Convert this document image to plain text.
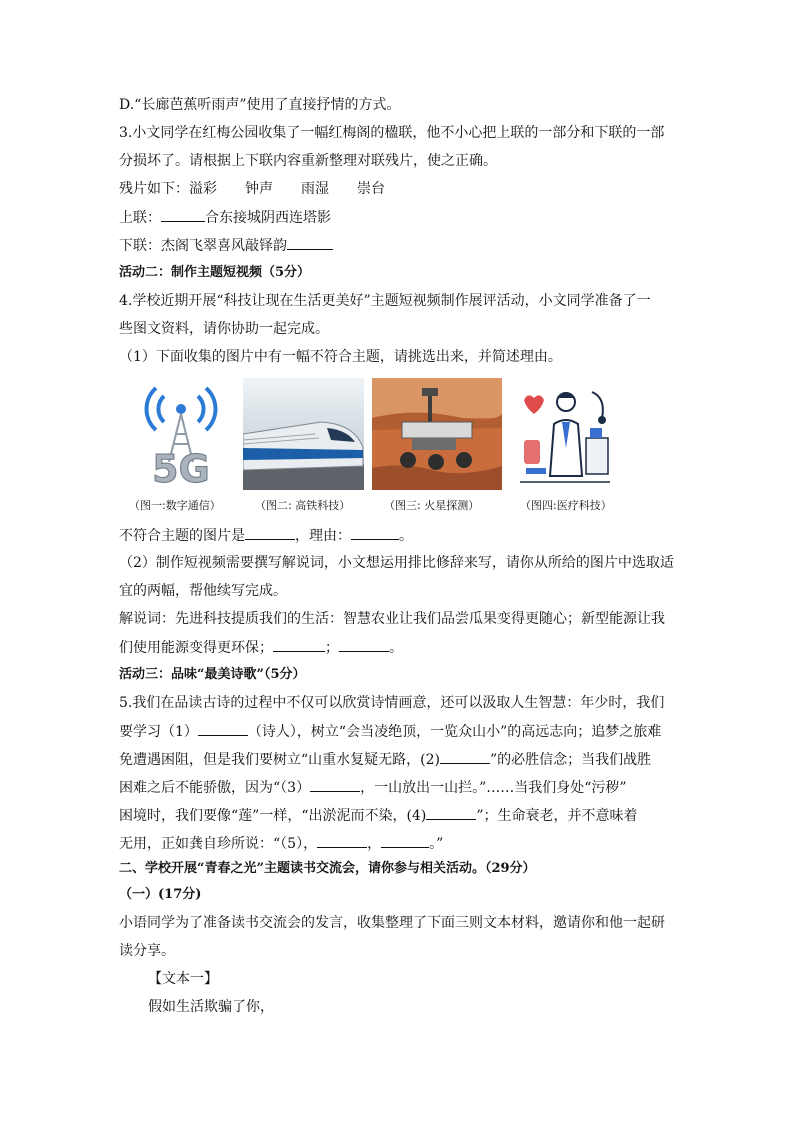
D.“长廊芭蕉听雨声”使用了直接抒情的方式。
3.小文同学在红梅公园收集了一幅红梅阁的楹联，他不小心把上联的一部分和下联的一部
分损坏了。请根据上下联内容重新整理对联残片，使之正确。
残片如下：溢彩　　钟声　　雨湿　　崇台
上联：	合东接城阴西连塔影
下联：杰阁飞翠喜风敲铎韵
活动二：制作主题短视频（5分）
4.学校近期开展“科技让现在生活更美好”主题短视频制作展评活动，小文同学准备了一
些图文资料，请你协助一起完成。
（1）下面收集的图片中有一幅不符合主题，请挑选出来，并简述理由。
5G
（图一:数字通信）	（图二: 高铁科技）	（图三: 火星探测）	（图四:医疗科技）
不符合主题的图片是	，理由：	。
（2）制作短视频需要撰写解说词，小文想运用排比修辞来写，请你从所给的图片中选取适
宜的两幅，帮他续写完成。
解说词：先进科技提质我们的生活：智慧农业让我们品尝瓜果变得更随心；新型能源让我
们使用能源变得更环保；	；	。
活动三：品味“最美诗歌”（5分）
5.我们在品读古诗的过程中不仅可以欣赏诗情画意，还可以汲取人生智慧：年少时，我们
要学习（1）	（诗人），树立“会当凌绝顶，一览众山小”的高远志向；追梦之旅难
免遭遇困阻，但是我们要树立“山重水复疑无路，(2)	”的必胜信念；当我们战胜
困难之后不能骄傲，因为“（3）	，一山放出一山拦。”……当我们身处“污秽”
困境时，我们要像“莲”一样，“出淤泥而不染，(4)	”；生命衰老，并不意味着
无用，正如龚自珍所说：“（5），	，	。”
二、学校开展“青春之光”主题读书交流会，请你参与相关活动。（29分）
（一）(17分)
小语同学为了准备读书交流会的发言，收集整理了下面三则文本材料，邀请你和他一起研
读分享。
【文本一】
假如生活欺骗了你，
